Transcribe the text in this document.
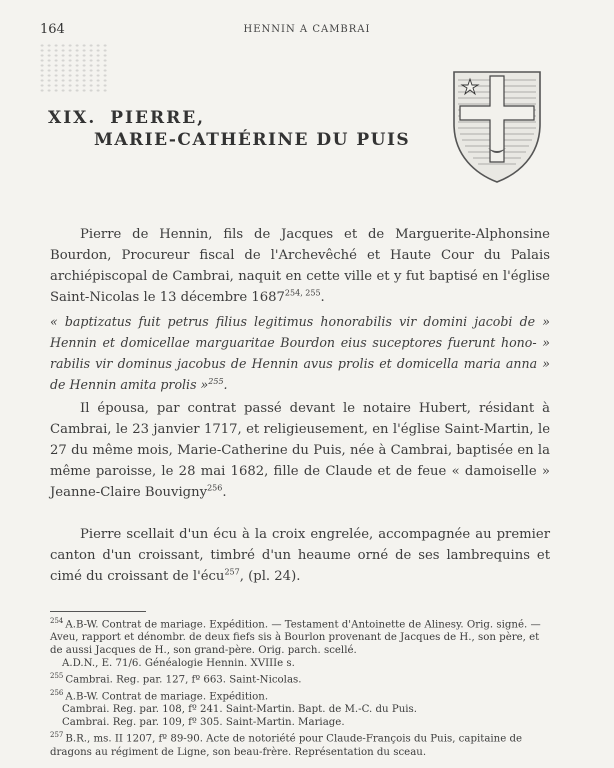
164	HENNIN A CAMBRAI
XIX. PIERRE,
MARIE-CATHÉRINE DU PUIS
Pierre de Hennin, fils de Jacques et de Marguerite-Alphonsine Bourdon, Procureur fiscal de l'Archevêché et Haute Cour du Palais archiépiscopal de Cambrai, naquit en cette ville et y fut baptisé en l'église Saint-Nicolas le 13 décembre 1687$^{254, 255}$.
« baptizatus fuit petrus filius legitimus honorabilis vir domini jacobi de » Hennin et domicellae marguaritae Bourdon eius suceptores fuerunt hono- » rabilis vir dominus jacobus de Hennin avus prolis et domicella maria anna » de Hennin amita prolis »$^{255}$.
Il épousa, par contrat passé devant le notaire Hubert, résidant à Cambrai, le 23 janvier 1717, et religieusement, en l'église Saint-Martin, le 27 du même mois, Marie-Catherine du Puis, née à Cambrai, baptisée en la même paroisse, le 28 mai 1682, fille de Claude et de feue « damoiselle » Jeanne-Claire Bouvigny$^{256}$.
Pierre scellait d'un écu à la croix engrelée, accompagnée au premier canton d'un croissant, timbré d'un heaume orné de ses lambrequins et cimé du croissant de l'écu$^{257}$, (pl. 24).

$^{254}$ A.B-W. Contrat de mariage. Expédition. — Testament d'Antoinette de Alinesy. Orig. signé. — Aveu, rapport et dénombr. de deux fiefs sis à Bourlon provenant de Jacques de H., son père, et de aussi Jacques de H., son grand-père. Orig. parch. scellé.
A.D.N., E. 71/6. Généalogie Hennin. XVIIIe s.

$^{255}$ Cambrai. Reg. par. 127, fº 663. Saint-Nicolas.

$^{256}$ A.B-W. Contrat de mariage. Expédition.
Cambrai. Reg. par. 108, fº 241. Saint-Martin. Bapt. de M.-C. du Puis.
Cambrai. Reg. par. 109, fº 305. Saint-Martin. Mariage.

$^{257}$ B.R., ms. II 1207, fº 89-90. Acte de notoriété pour Claude-François du Puis, capitaine de dragons au régiment de Ligne, son beau-frère. Représentation du sceau.
